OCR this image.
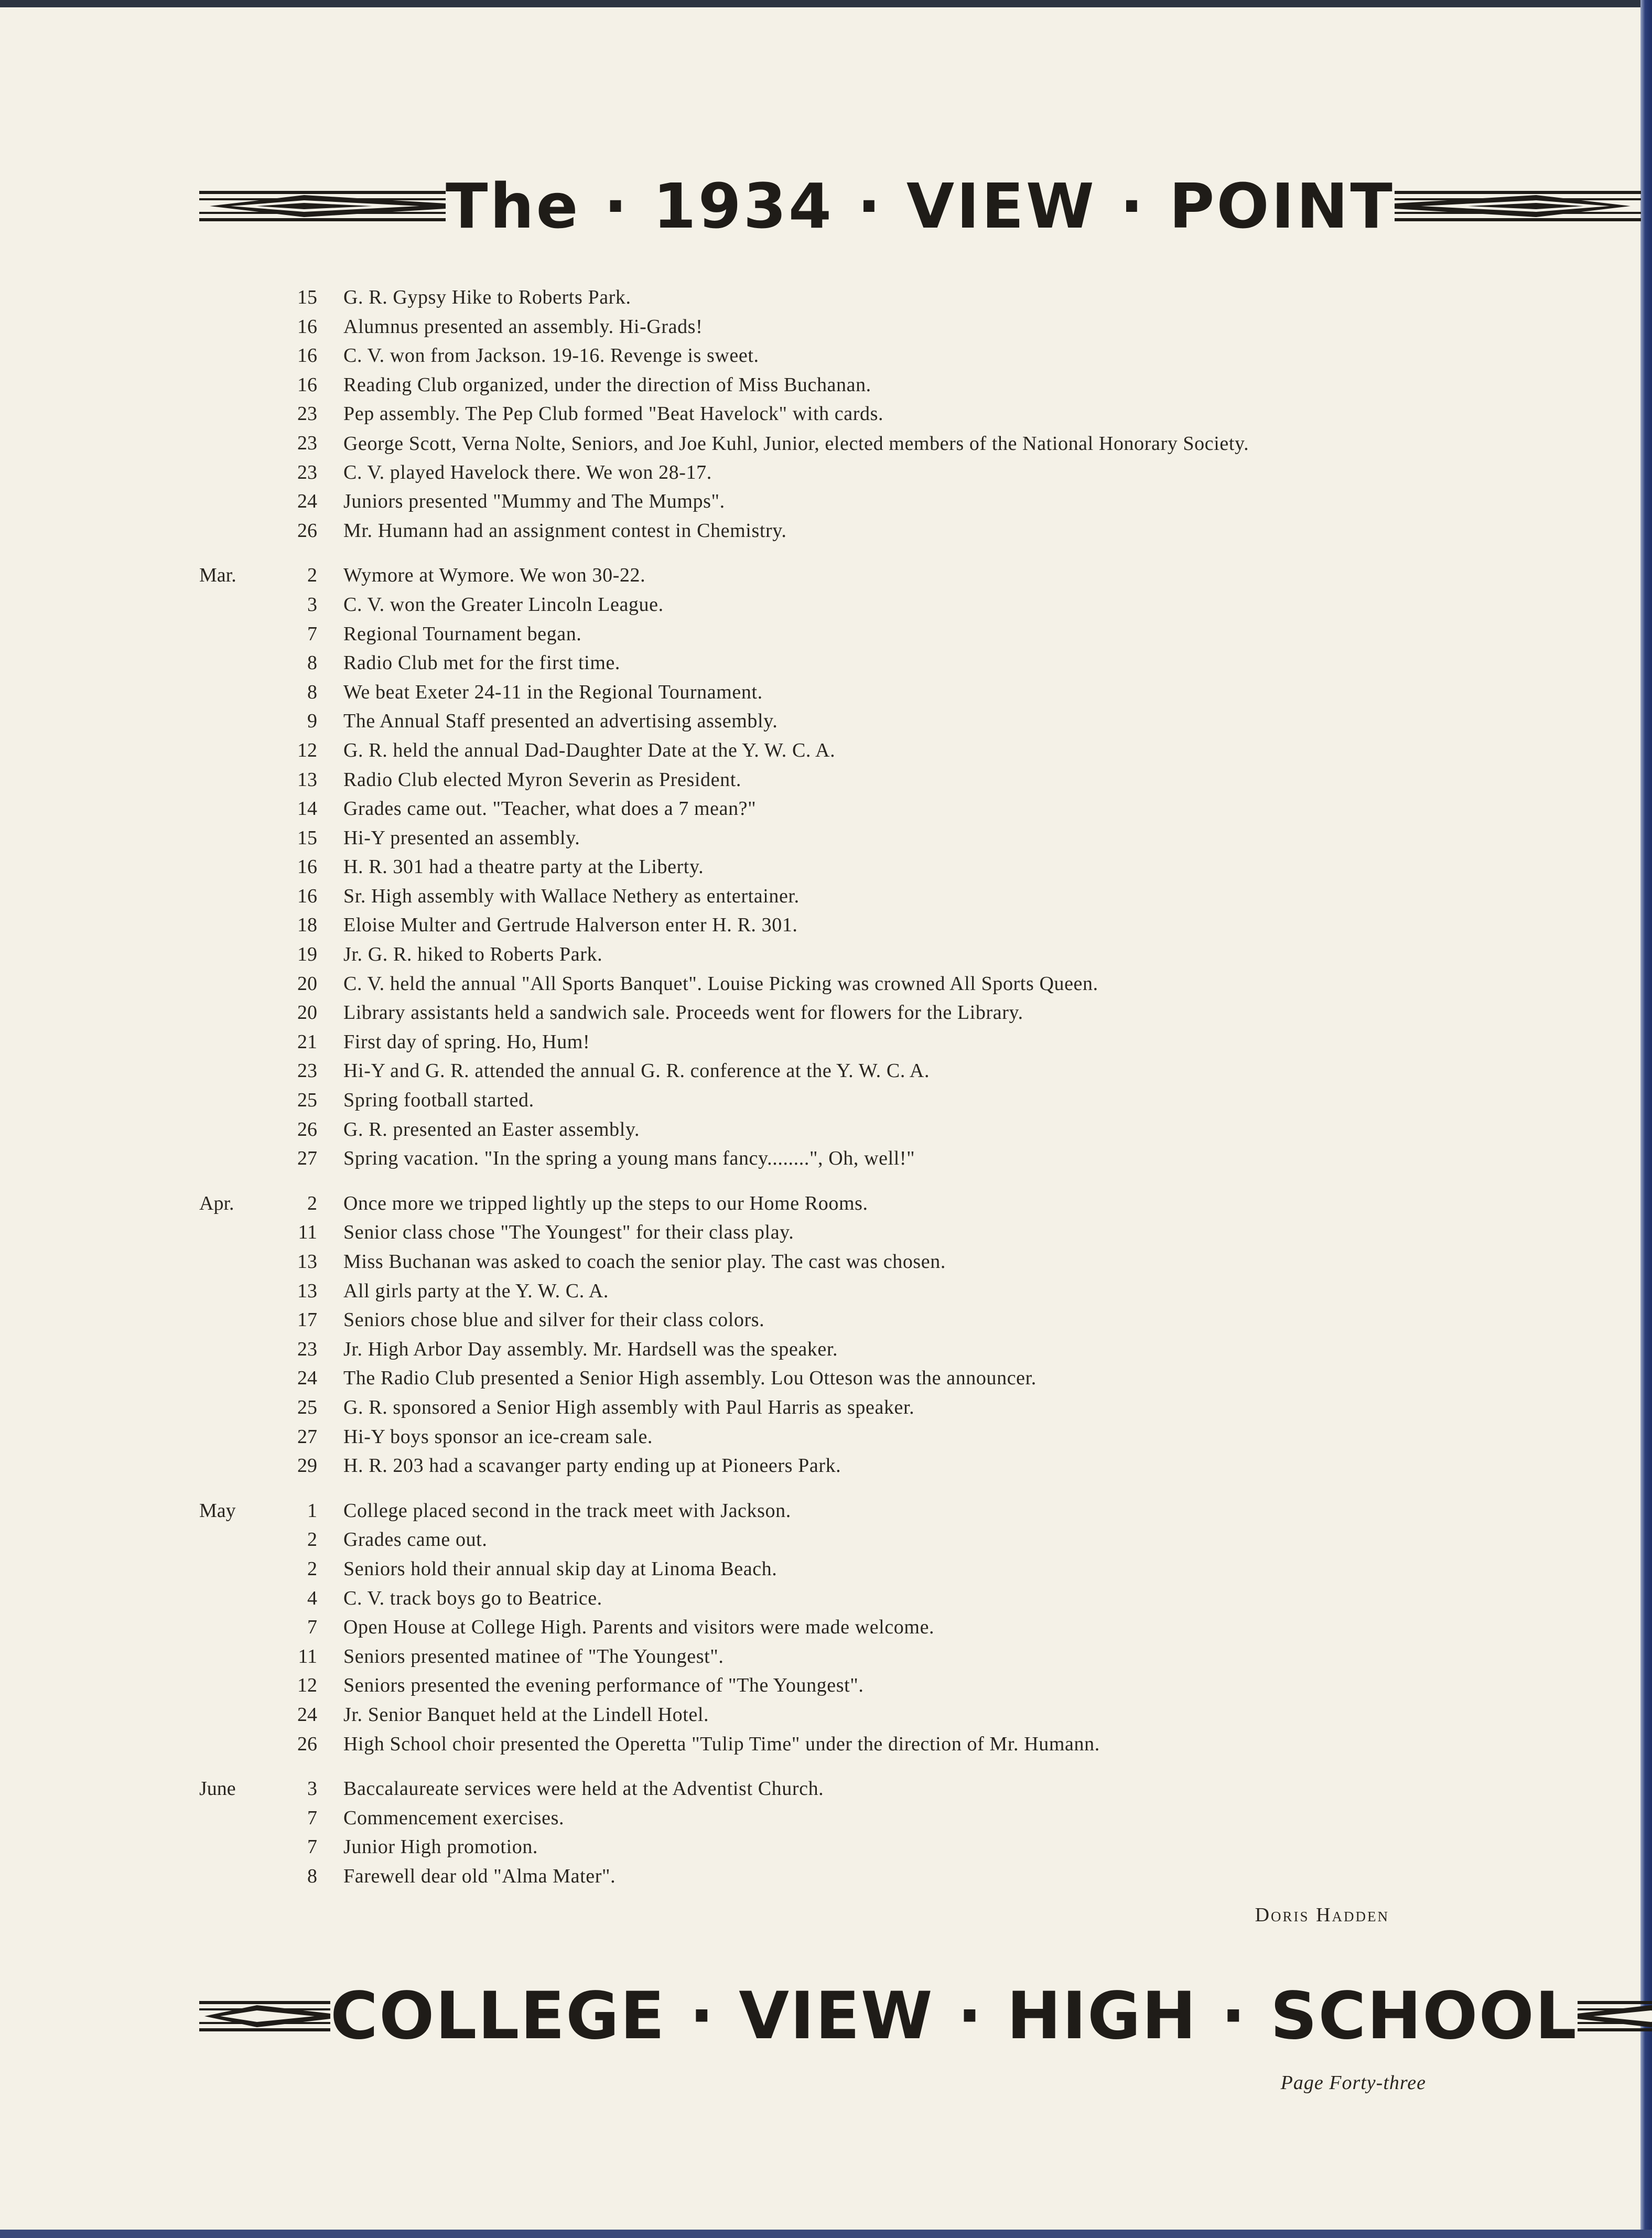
The · 1934 · VIEW · POINT
15	G. R. Gypsy Hike to Roberts Park.
16	Alumnus presented an assembly. Hi-Grads!
16	C. V. won from Jackson. 19-16. Revenge is sweet.
16	Reading Club organized, under the direction of Miss Buchanan.
23	Pep assembly. The Pep Club formed "Beat Havelock" with cards.
23	George Scott, Verna Nolte, Seniors, and Joe Kuhl, Junior, elected members of the National Honorary Society.
23	C. V. played Havelock there. We won 28-17.
24	Juniors presented "Mummy and The Mumps".
26	Mr. Humann had an assignment contest in Chemistry.
Mar.	2	Wymore at Wymore. We won 30-22.
3	C. V. won the Greater Lincoln League.
7	Regional Tournament began.
8	Radio Club met for the first time.
8	We beat Exeter 24-11 in the Regional Tournament.
9	The Annual Staff presented an advertising assembly.
12	G. R. held the annual Dad-Daughter Date at the Y. W. C. A.
13	Radio Club elected Myron Severin as President.
14	Grades came out. "Teacher, what does a 7 mean?"
15	Hi-Y presented an assembly.
16	H. R. 301 had a theatre party at the Liberty.
16	Sr. High assembly with Wallace Nethery as entertainer.
18	Eloise Multer and Gertrude Halverson enter H. R. 301.
19	Jr. G. R. hiked to Roberts Park.
20	C. V. held the annual "All Sports Banquet". Louise Picking was crowned All Sports Queen.
20	Library assistants held a sandwich sale. Proceeds went for flowers for the Library.
21	First day of spring. Ho, Hum!
23	Hi-Y and G. R. attended the annual G. R. conference at the Y. W. C. A.
25	Spring football started.
26	G. R. presented an Easter assembly.
27	Spring vacation. "In the spring a young mans fancy........", Oh, well!"
Apr.	2	Once more we tripped lightly up the steps to our Home Rooms.
11	Senior class chose "The Youngest" for their class play.
13	Miss Buchanan was asked to coach the senior play. The cast was chosen.
13	All girls party at the Y. W. C. A.
17	Seniors chose blue and silver for their class colors.
23	Jr. High Arbor Day assembly. Mr. Hardsell was the speaker.
24	The Radio Club presented a Senior High assembly. Lou Otteson was the announcer.
25	G. R. sponsored a Senior High assembly with Paul Harris as speaker.
27	Hi-Y boys sponsor an ice-cream sale.
29	H. R. 203 had a scavanger party ending up at Pioneers Park.
May	1	College placed second in the track meet with Jackson.
2	Grades came out.
2	Seniors hold their annual skip day at Linoma Beach.
4	C. V. track boys go to Beatrice.
7	Open House at College High. Parents and visitors were made welcome.
11	Seniors presented matinee of "The Youngest".
12	Seniors presented the evening performance of "The Youngest".
24	Jr. Senior Banquet held at the Lindell Hotel.
26	High School choir presented the Operetta "Tulip Time" under the direction of Mr. Humann.
June	3	Baccalaureate services were held at the Adventist Church.
7	Commencement exercises.
7	Junior High promotion.
8	Farewell dear old "Alma Mater".
Doris Hadden
COLLEGE · VIEW · HIGH · SCHOOL
Page Forty-three
